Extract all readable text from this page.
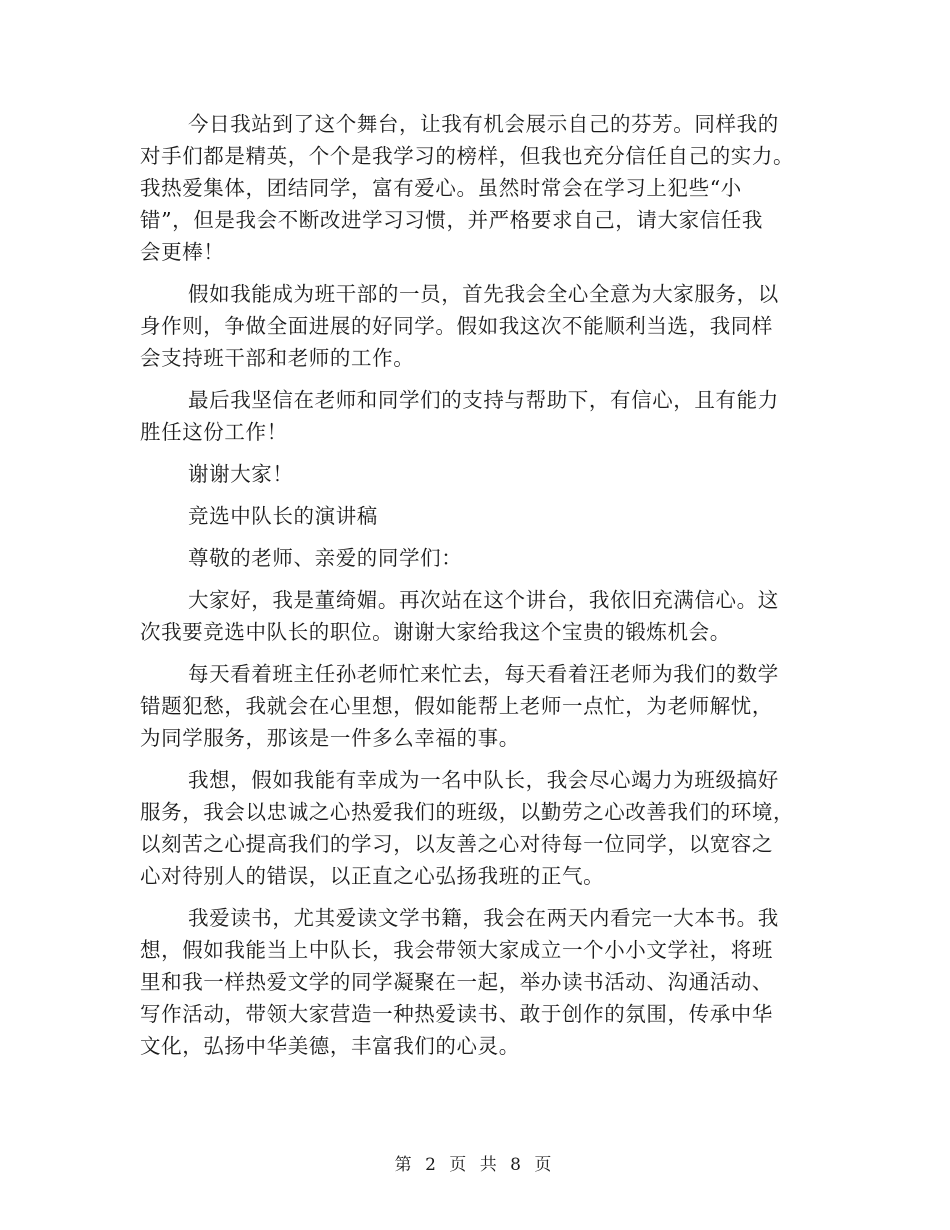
今日我站到了这个舞台，让我有机会展示自己的芬芳。同样我的
对手们都是精英，个个是我学习的榜样，但我也充分信任自己的实力。
我热爱集体，团结同学，富有爱心。虽然时常会在学习上犯些“小
错”，但是我会不断改进学习习惯，并严格要求自己，请大家信任我
会更棒！
假如我能成为班干部的一员，首先我会全心全意为大家服务，以
身作则，争做全面进展的好同学。假如我这次不能顺利当选，我同样
会支持班干部和老师的工作。
最后我坚信在老师和同学们的支持与帮助下，有信心，且有能力
胜任这份工作！
谢谢大家！
竞选中队长的演讲稿
尊敬的老师、亲爱的同学们：
大家好，我是董绮媚。再次站在这个讲台，我依旧充满信心。这
次我要竞选中队长的职位。谢谢大家给我这个宝贵的锻炼机会。
每天看着班主任孙老师忙来忙去，每天看着汪老师为我们的数学
错题犯愁，我就会在心里想，假如能帮上老师一点忙，为老师解忧，
为同学服务，那该是一件多么幸福的事。
我想，假如我能有幸成为一名中队长，我会尽心竭力为班级搞好
服务，我会以忠诚之心热爱我们的班级，以勤劳之心改善我们的环境，
以刻苦之心提高我们的学习，以友善之心对待每一位同学，以宽容之
心对待别人的错误，以正直之心弘扬我班的正气。
我爱读书，尤其爱读文学书籍，我会在两天内看完一大本书。我
想，假如我能当上中队长，我会带领大家成立一个小小文学社，将班
里和我一样热爱文学的同学凝聚在一起，举办读书活动、沟通活动、
写作活动，带领大家营造一种热爱读书、敢于创作的氛围，传承中华
文化，弘扬中华美德，丰富我们的心灵。
第 2 页 共 8 页
